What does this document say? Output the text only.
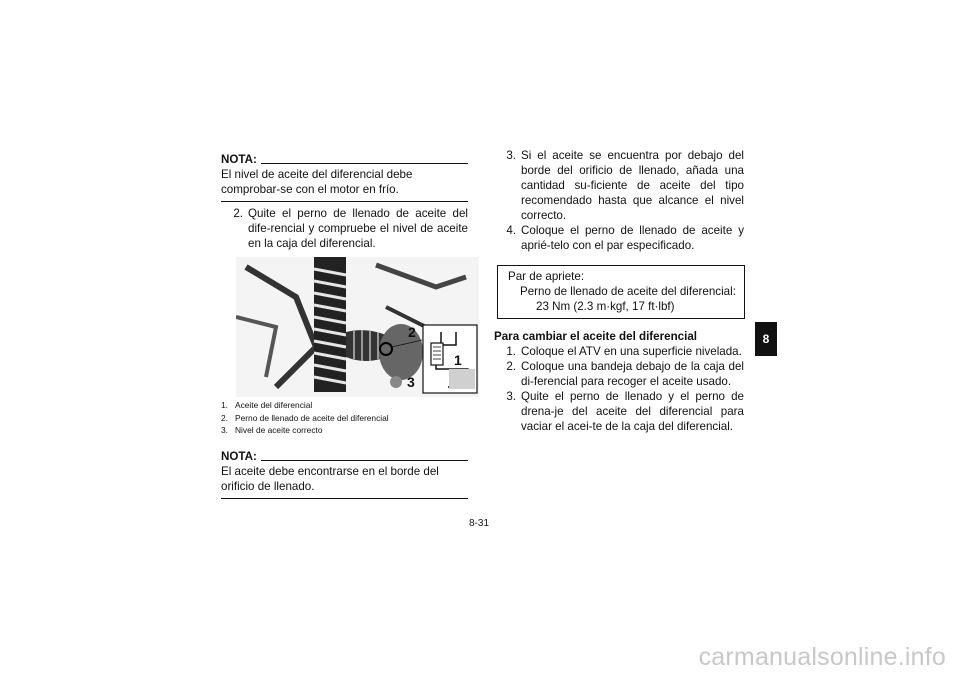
NOTA:

El nivel de aceite del diferencial debe comprobar-se con el motor en frío.

2. Quite el perno de llenado de aceite del dife-rencial y compruebe el nivel de aceite en la caja del diferencial.
2
1
3
1. Aceite del diferencial
2. Perno de llenado de aceite del diferencial
3. Nivel de aceite correcto
NOTA:

El aceite debe encontrarse en el borde del orificio de llenado.

3. Si el aceite se encuentra por debajo del borde del orificio de llenado, añada una cantidad su-ficiente de aceite del tipo recomendado hasta que alcance el nivel correcto.
4. Coloque el perno de llenado de aceite y aprié-telo con el par especificado.
Par de apriete:
Perno de llenado de aceite del diferencial:
23 Nm (2.3 m·kgf, 17 ft·lbf)
Para cambiar el aceite del diferencial
1. Coloque el ATV en una superficie nivelada.
2. Coloque una bandeja debajo de la caja del di-ferencial para recoger el aceite usado.
3. Quite el perno de llenado y el perno de drena-je del aceite del diferencial para vaciar el acei-te de la caja del diferencial.
8-31
8
carmanualsonline.info
